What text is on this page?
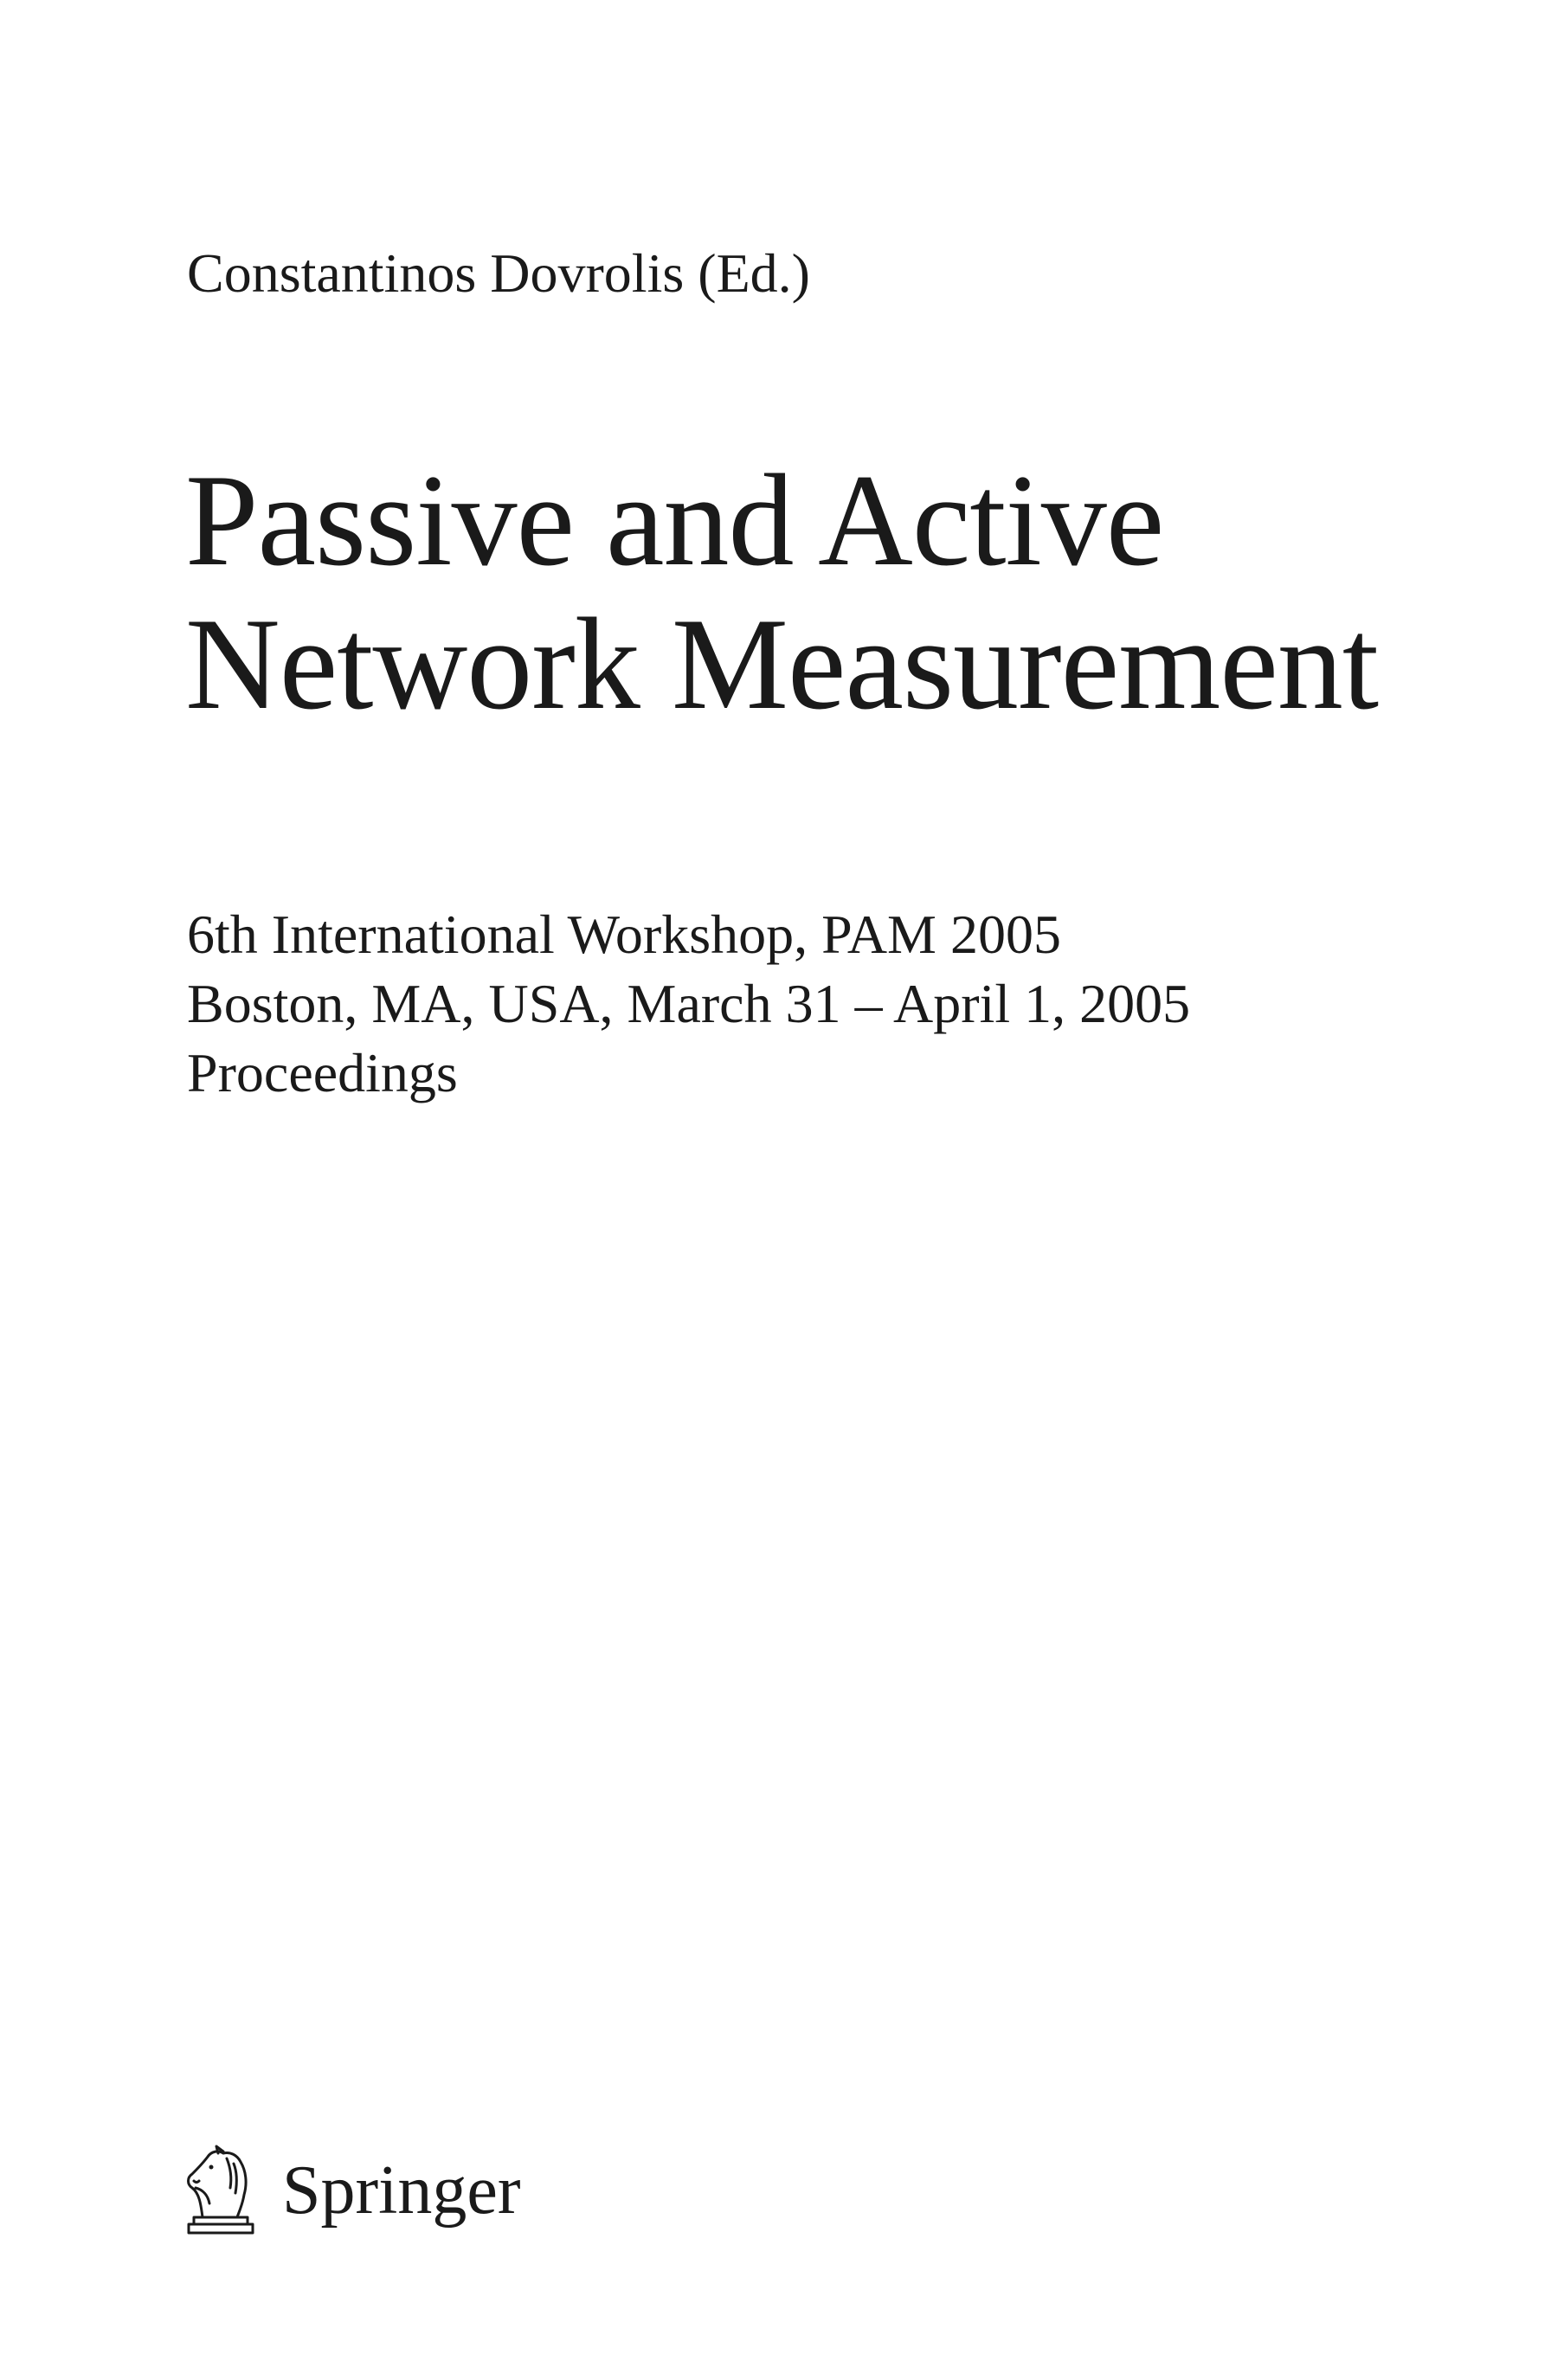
Constantinos Dovrolis (Ed.)
Passive and Active
Network Measurement
6th International Workshop, PAM 2005
Boston, MA, USA, March 31 – April 1, 2005
Proceedings
Springer
